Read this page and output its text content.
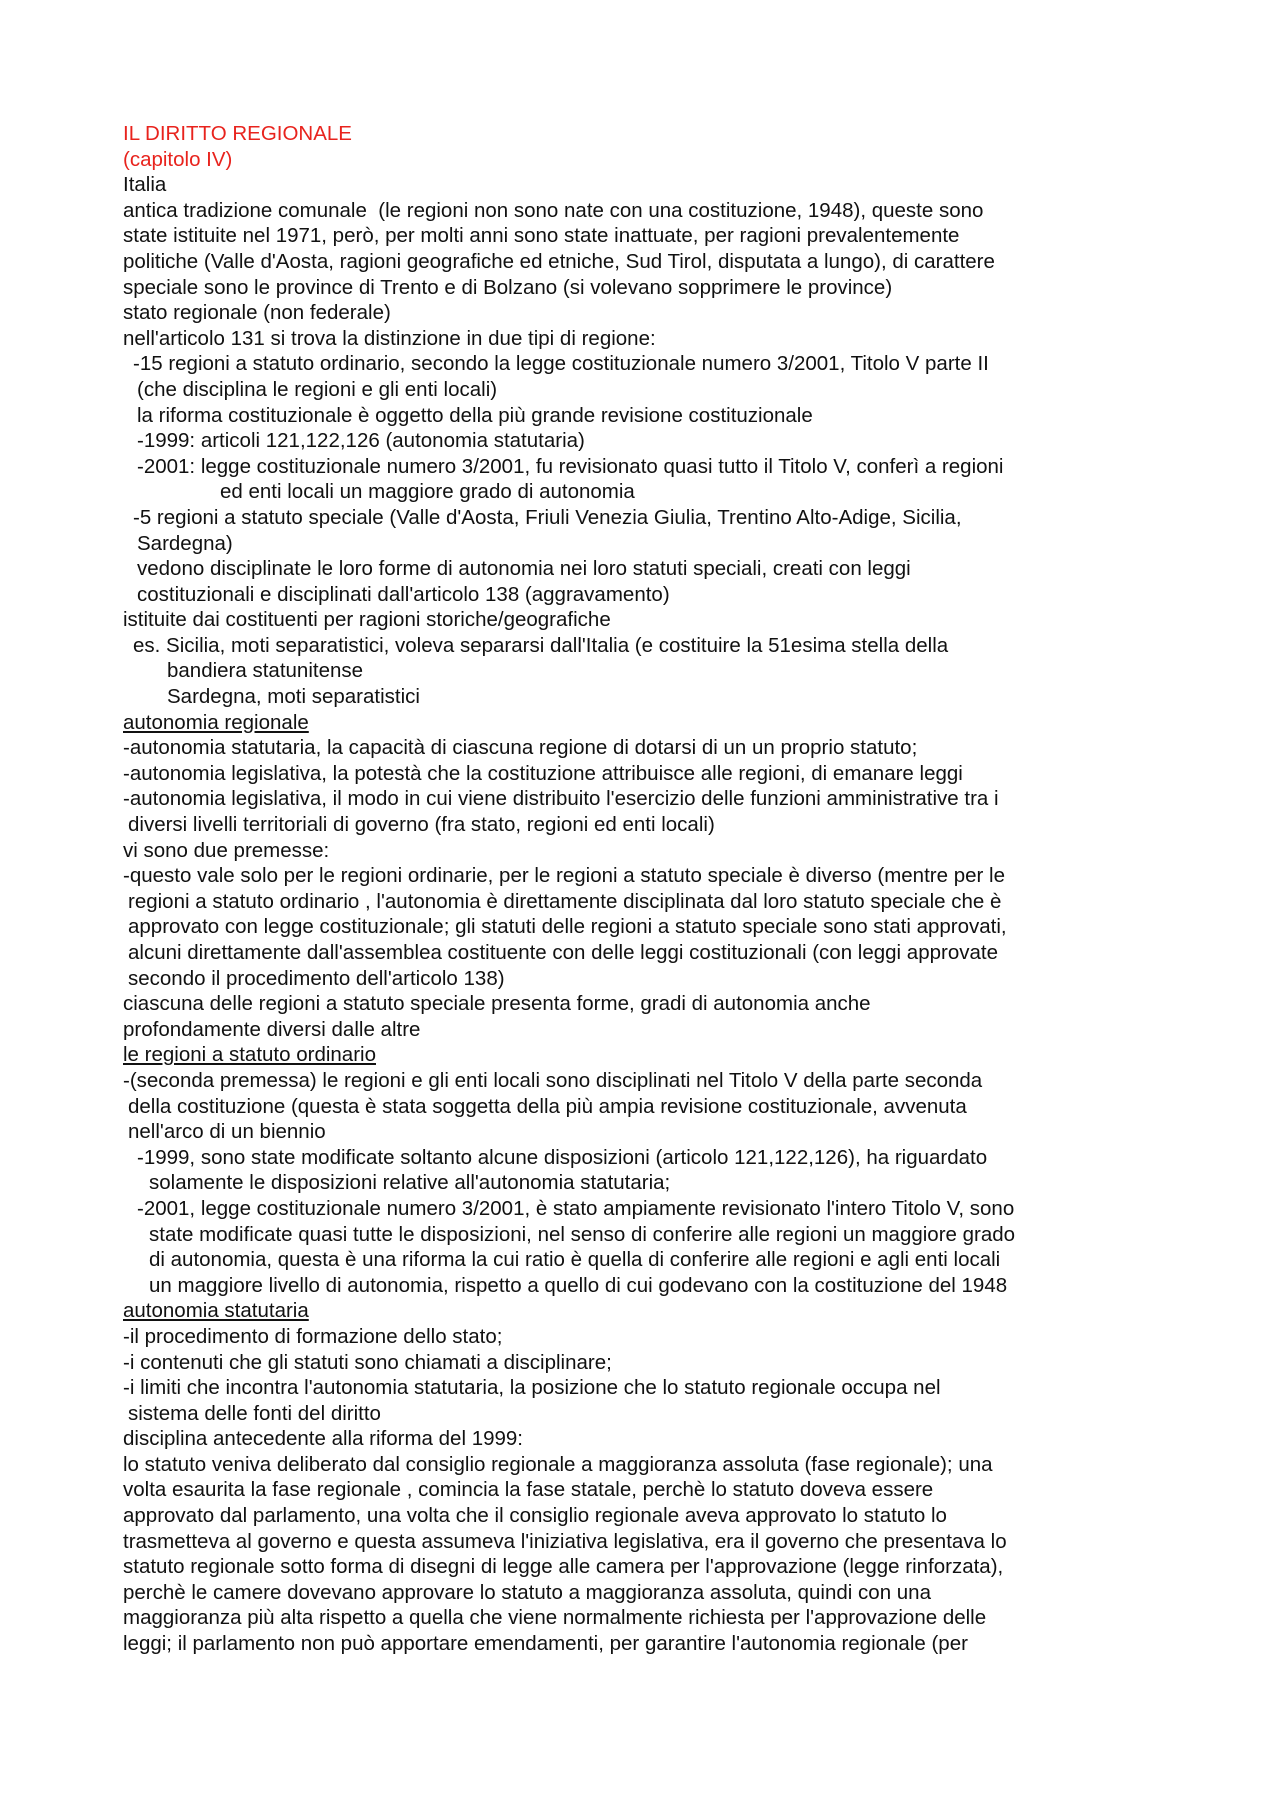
IL DIRITTO REGIONALE
(capitolo IV)
Italia
antica tradizione comunale  (le regioni non sono nate con una costituzione, 1948), queste sono
state istituite nel 1971, però, per molti anni sono state inattuate, per ragioni prevalentemente
politiche (Valle d'Aosta, ragioni geografiche ed etniche, Sud Tirol, disputata a lungo), di carattere
speciale sono le province di Trento e di Bolzano (si volevano sopprimere le province)
stato regionale (non federale)
nell'articolo 131 si trova la distinzione in due tipi di regione:
-15 regioni a statuto ordinario, secondo la legge costituzionale numero 3/2001, Titolo V parte II
(che disciplina le regioni e gli enti locali)
la riforma costituzionale è oggetto della più grande revisione costituzionale
-1999: articoli 121,122,126 (autonomia statutaria)
-2001: legge costituzionale numero 3/2001, fu revisionato quasi tutto il Titolo V, conferì a regioni
ed enti locali un maggiore grado di autonomia
-5 regioni a statuto speciale (Valle d'Aosta, Friuli Venezia Giulia, Trentino Alto-Adige, Sicilia,
Sardegna)
vedono disciplinate le loro forme di autonomia nei loro statuti speciali, creati con leggi
costituzionali e disciplinati dall'articolo 138 (aggravamento)
istituite dai costituenti per ragioni storiche/geografiche
es. Sicilia, moti separatistici, voleva separarsi dall'Italia (e costituire la 51esima stella della
bandiera statunitense
Sardegna, moti separatistici
autonomia regionale
-autonomia statutaria, la capacità di ciascuna regione di dotarsi di un un proprio statuto;
-autonomia legislativa, la potestà che la costituzione attribuisce alle regioni, di emanare leggi
-autonomia legislativa, il modo in cui viene distribuito l'esercizio delle funzioni amministrative tra i
diversi livelli territoriali di governo (fra stato, regioni ed enti locali)
vi sono due premesse:
-questo vale solo per le regioni ordinarie, per le regioni a statuto speciale è diverso (mentre per le
regioni a statuto ordinario , l'autonomia è direttamente disciplinata dal loro statuto speciale che è
approvato con legge costituzionale; gli statuti delle regioni a statuto speciale sono stati approvati,
alcuni direttamente dall'assemblea costituente con delle leggi costituzionali (con leggi approvate
secondo il procedimento dell'articolo 138)
ciascuna delle regioni a statuto speciale presenta forme, gradi di autonomia anche
profondamente diversi dalle altre
le regioni a statuto ordinario
-(seconda premessa) le regioni e gli enti locali sono disciplinati nel Titolo V della parte seconda
della costituzione (questa è stata soggetta della più ampia revisione costituzionale, avvenuta
nell'arco di un biennio
-1999, sono state modificate soltanto alcune disposizioni (articolo 121,122,126), ha riguardato
solamente le disposizioni relative all'autonomia statutaria;
-2001, legge costituzionale numero 3/2001, è stato ampiamente revisionato l'intero Titolo V, sono
state modificate quasi tutte le disposizioni, nel senso di conferire alle regioni un maggiore grado
di autonomia, questa è una riforma la cui ratio è quella di conferire alle regioni e agli enti locali
un maggiore livello di autonomia, rispetto a quello di cui godevano con la costituzione del 1948
autonomia statutaria
-il procedimento di formazione dello stato;
-i contenuti che gli statuti sono chiamati a disciplinare;
-i limiti che incontra l'autonomia statutaria, la posizione che lo statuto regionale occupa nel
sistema delle fonti del diritto
disciplina antecedente alla riforma del 1999:
lo statuto veniva deliberato dal consiglio regionale a maggioranza assoluta (fase regionale); una
volta esaurita la fase regionale , comincia la fase statale, perchè lo statuto doveva essere
approvato dal parlamento, una volta che il consiglio regionale aveva approvato lo statuto lo
trasmetteva al governo e questa assumeva l'iniziativa legislativa, era il governo che presentava lo
statuto regionale sotto forma di disegni di legge alle camera per l'approvazione (legge rinforzata),
perchè le camere dovevano approvare lo statuto a maggioranza assoluta, quindi con una
maggioranza più alta rispetto a quella che viene normalmente richiesta per l'approvazione delle
leggi; il parlamento non può apportare emendamenti, per garantire l'autonomia regionale (per
